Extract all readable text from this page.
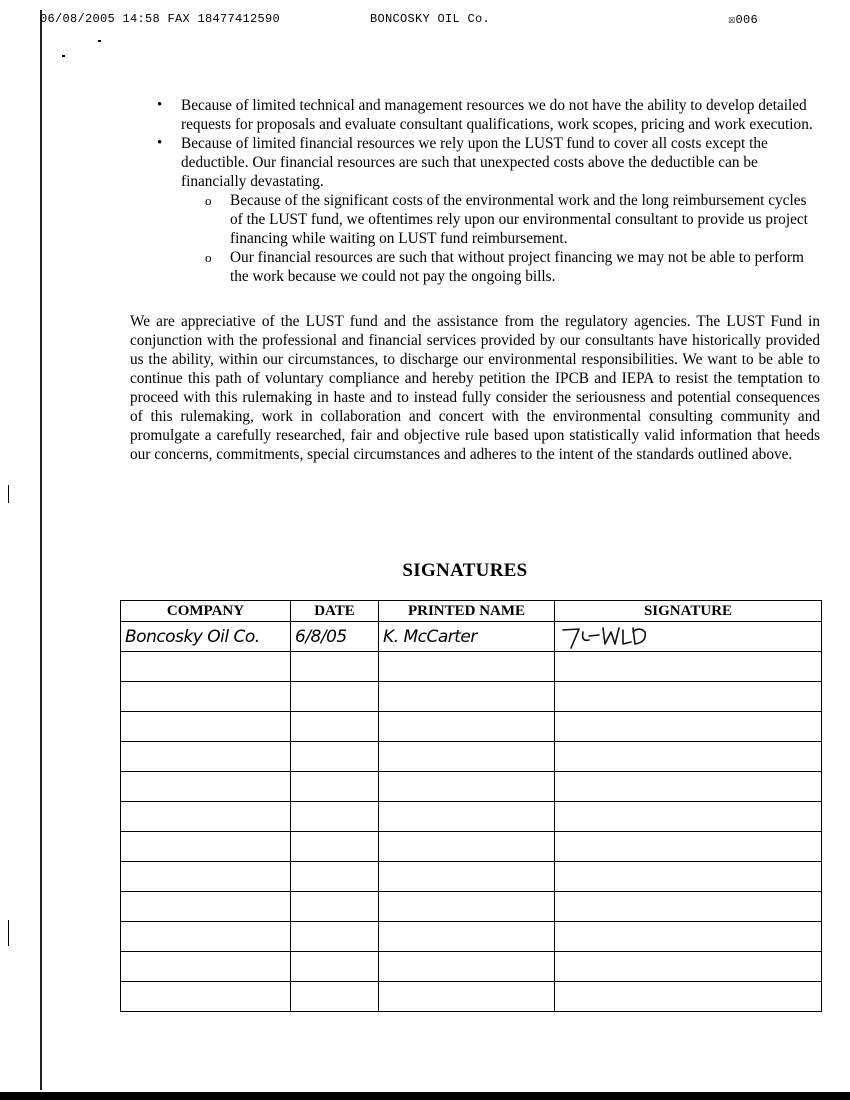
06/08/2005 14:58 FAX 18477412590	BONCOSKY OIL Co.	☒006
• Because of limited technical and management resources we do not have the ability to develop detailed requests for proposals and evaluate consultant qualifications, work scopes, pricing and work execution.
• Because of limited financial resources we rely upon the LUST fund to cover all costs except the deductible. Our financial resources are such that unexpected costs above the deductible can be financially devastating.
o Because of the significant costs of the environmental work and the long reimbursement cycles of the LUST fund, we oftentimes rely upon our environmental consultant to provide us project financing while waiting on LUST fund reimbursement.
o Our financial resources are such that without project financing we may not be able to perform the work because we could not pay the ongoing bills.

We are appreciative of the LUST fund and the assistance from the regulatory agencies. The LUST Fund in conjunction with the professional and financial services provided by our consultants have historically provided us the ability, within our circumstances, to discharge our environmental responsibilities. We want to be able to continue this path of voluntary compliance and hereby petition the IPCB and IEPA to resist the temptation to proceed with this rulemaking in haste and to instead fully consider the seriousness and potential consequences of this rulemaking, work in collaboration and concert with the environmental consulting community and promulgate a carefully researched, fair and objective rule based upon statistically valid information that heeds our concerns, commitments, special circumstances and adheres to the intent of the standards outlined above.

SIGNATURES
COMPANY	DATE	PRINTED NAME	SIGNATURE
Boncosky Oil Co.	6/8/05	K. McCarter	
